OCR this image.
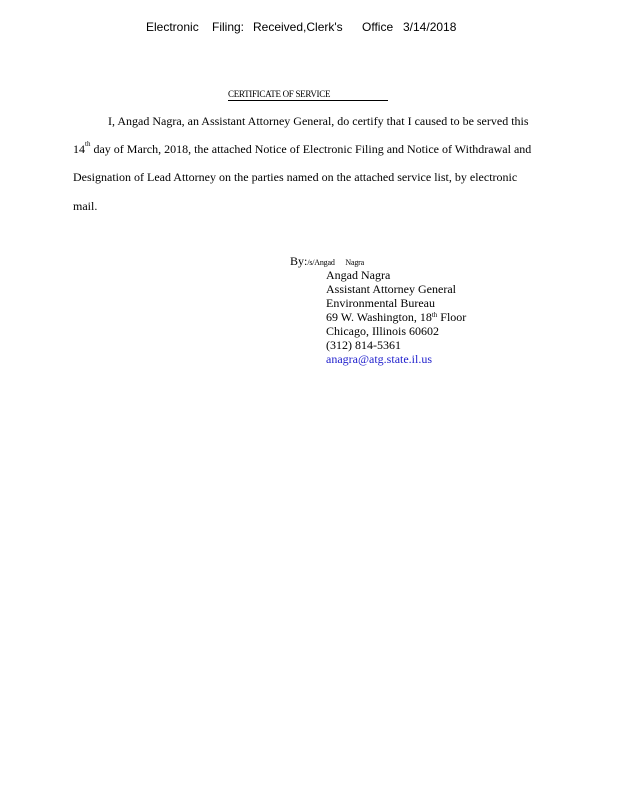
Electronic Filing: Received,Clerk's Office 3/14/2018
CERTIFICATE OF SERVICE
I, Angad Nagra, an Assistant Attorney General, do certify that I caused to be served this
14th day of March, 2018, the attached Notice of Electronic Filing and Notice of Withdrawal and
Designation of Lead Attorney on the parties named on the attached service list, by electronic
mail.
By:/s/Angad      Nagra
Angad Nagra
Assistant Attorney General
Environmental Bureau
69 W. Washington, 18th Floor
Chicago, Illinois 60602
(312) 814-5361
anagra@atg.state.il.us
